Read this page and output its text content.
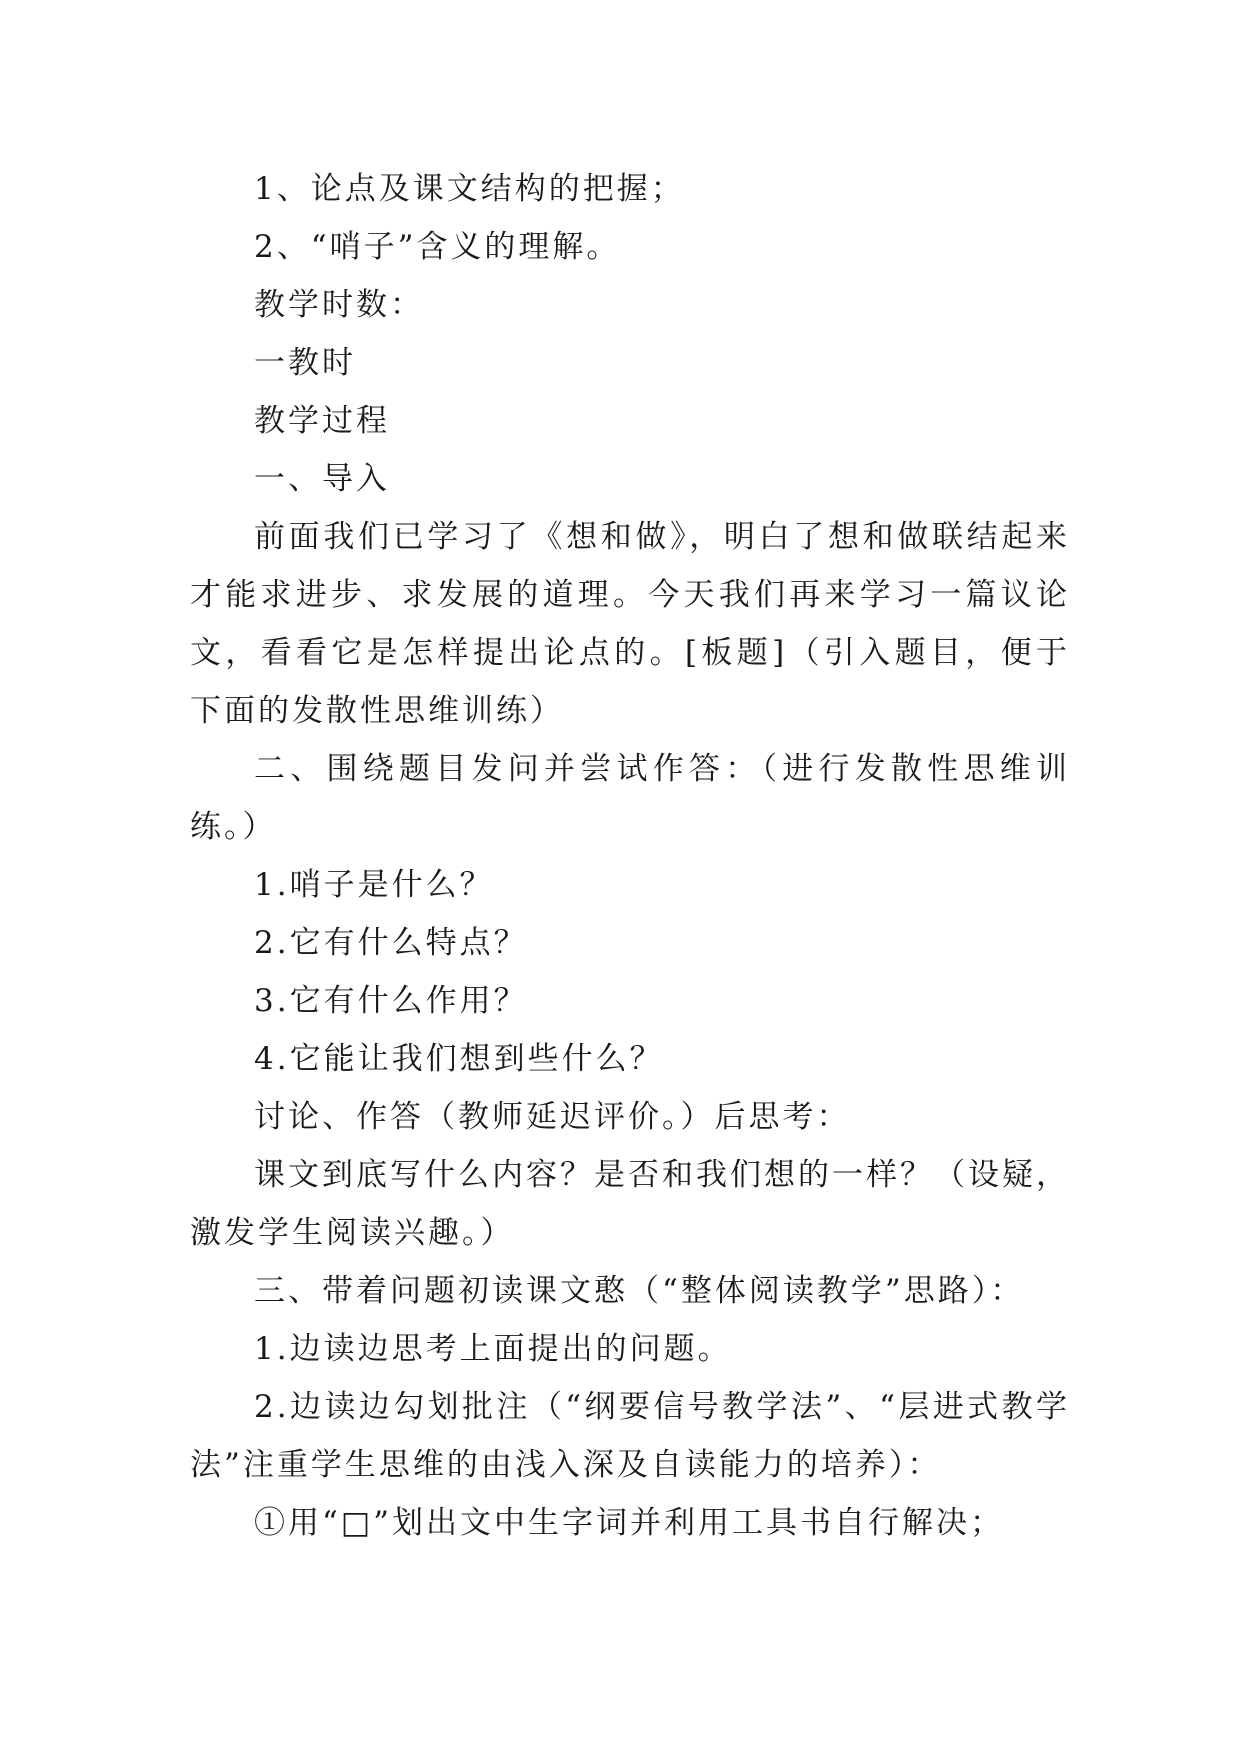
1、论点及课文结构的把握；

2、“哨子”含义的理解。

教学时数：

一教时

教学过程

一、导入

前面我们已学习了《想和做》，明白了想和做联结起来才能求进步、求发展的道理。今天我们再来学习一篇议论文，看看它是怎样提出论点的。[板题]（引入题目，便于下面的发散性思维训练）

二、围绕题目发问并尝试作答：（进行发散性思维训练。）

1.哨子是什么？

2.它有什么特点？

3.它有什么作用？

4.它能让我们想到些什么？

讨论、作答（教师延迟评价。）后思考：

课文到底写什么内容？是否和我们想的一样？（设疑，激发学生阅读兴趣。）

三、带着问题初读课文憨（“整体阅读教学”思路）：

1.边读边思考上面提出的问题。

2.边读边勾划批注（“纲要信号教学法”、“层进式教学法”注重学生思维的由浅入深及自读能力的培养）：

①用“□”划出文中生字词并利用工具书自行解决；
